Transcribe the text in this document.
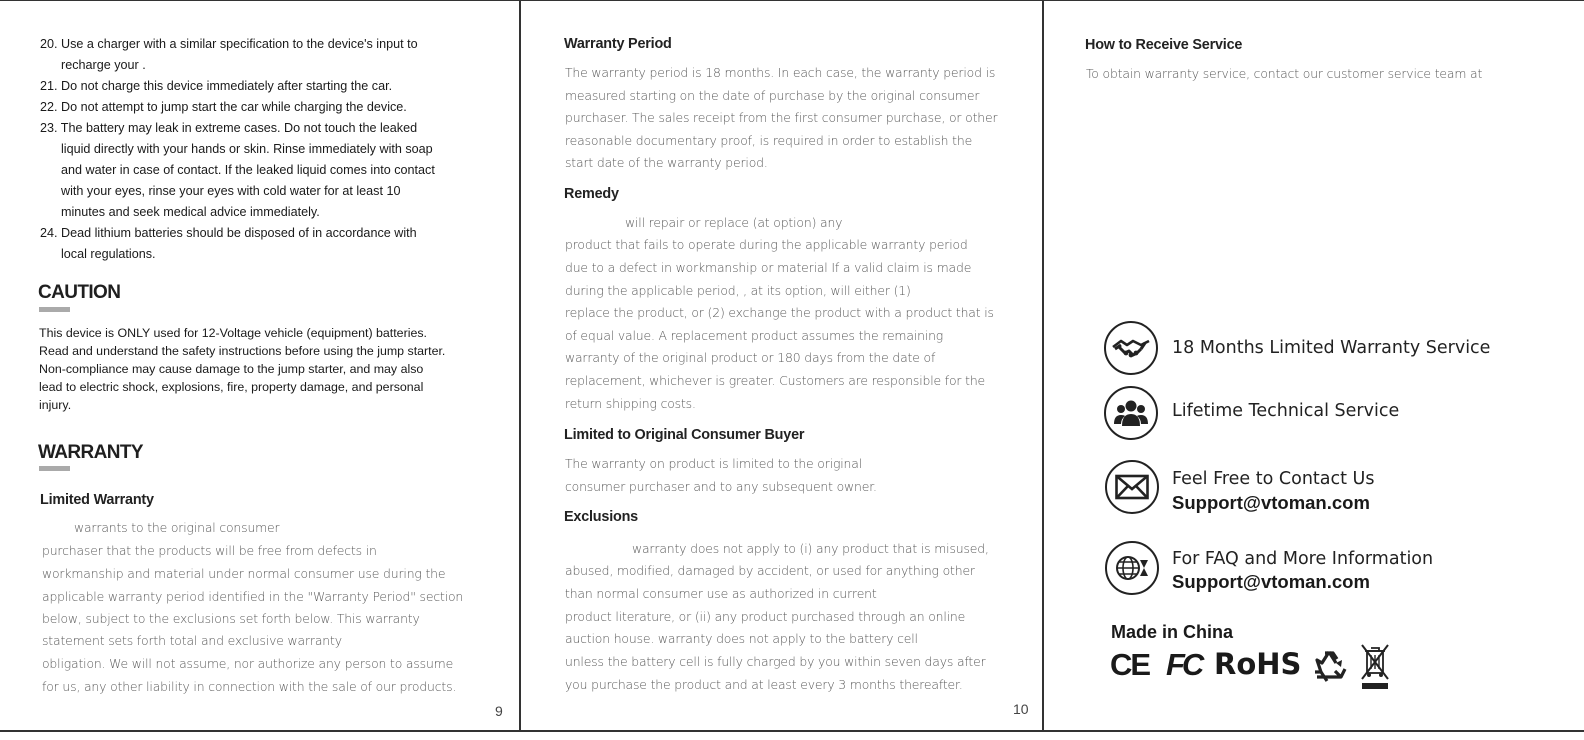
20. Use a charger with a similar specification to the device's input to
recharge your .
21. Do not charge this device immediately after starting the car.
22. Do not attempt to jump start the car while charging the device.
23. The battery may leak in extreme cases. Do not touch the leaked
liquid directly with your hands or skin. Rinse immediately with soap
and water in case of contact. If the leaked liquid comes into contact
with your eyes, rinse your eyes with cold water for at least 10
minutes and seek medical advice immediately.
24. Dead lithium batteries should be disposed of in accordance with
local regulations.
CAUTION
This device is ONLY used for 12-Voltage vehicle (equipment) batteries.
Read and understand the safety instructions before using the jump starter.
Non-compliance may cause damage to the jump starter, and may also
lead to electric shock, explosions, fire, property damage, and personal
injury.
WARRANTY
Limited Warranty
warrants to the original consumer
purchaser that the products will be free from defects in
workmanship and material under normal consumer use during the
applicable warranty period identified in the "Warranty Period" section
below, subject to the exclusions set forth below. This warranty
statement sets forth total and exclusive warranty
obligation. We will not assume, nor authorize any person to assume
for us, any other liability in connection with the sale of our products.
9
Warranty Period
The warranty period is 18 months. In each case, the warranty period is
measured starting on the date of purchase by the original consumer
purchaser. The sales receipt from the first consumer purchase, or other
reasonable documentary proof, is required in order to establish the
start date of the warranty period.
Remedy
will repair or replace (at option) any
product that fails to operate during the applicable warranty period
due to a defect in workmanship or material If a valid claim is made
during the applicable period, , at its option, will either (1)
replace the product, or (2) exchange the product with a product that is
of equal value. A replacement product assumes the remaining
warranty of the original product or 180 days from the date of
replacement, whichever is greater. Customers are responsible for the
return shipping costs.
Limited to Original Consumer Buyer
The warranty on product is limited to the original
consumer purchaser and to any subsequent owner.
Exclusions
warranty does not apply to (i) any product that is misused,
abused, modified, damaged by accident, or used for anything other
than normal consumer use as authorized in current
product literature, or (ii) any product purchased through an online
auction house. warranty does not apply to the battery cell
unless the battery cell is fully charged by you within seven days after
you purchase the product and at least every 3 months thereafter.
10
How to Receive Service
To obtain warranty service, contact our customer service team at
18 Months Limited Warranty Service
Lifetime Technical Service
Feel Free to Contact Us
Support@vtoman.com
For FAQ and More Information
Support@vtoman.com
Made in China
CE FC RoHS
